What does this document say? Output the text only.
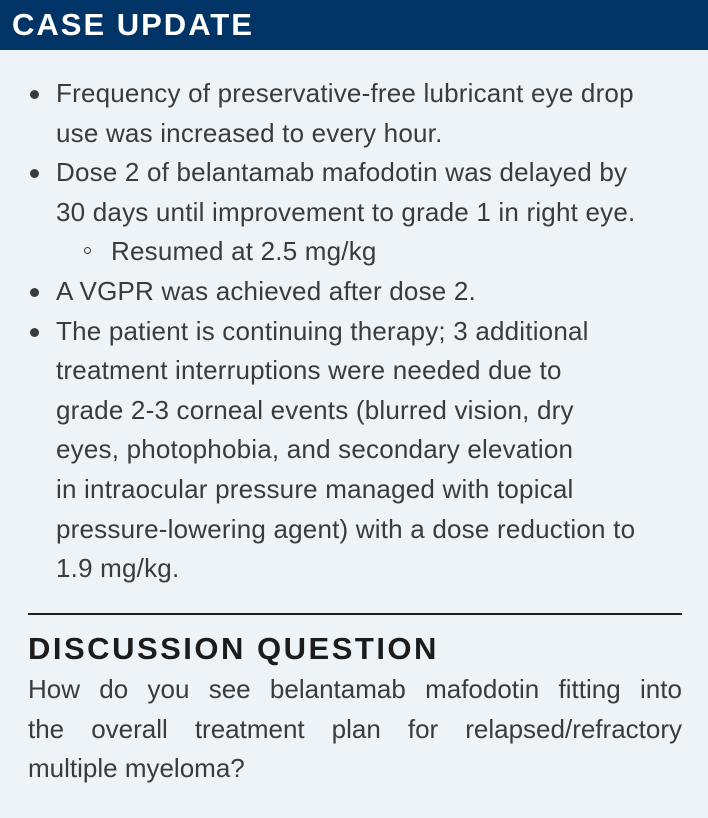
CASE UPDATE
Frequency of preservative-free lubricant eye drop
use was increased to every hour.
Dose 2 of belantamab mafodotin was delayed by
30 days until improvement to grade 1 in right eye.
Resumed at 2.5 mg/kg
A VGPR was achieved after dose 2.
The patient is continuing therapy; 3 additional
treatment interruptions were needed due to
grade 2-3 corneal events (blurred vision, dry
eyes, photophobia, and secondary elevation
in intraocular pressure managed with topical
pressure-lowering agent) with a dose reduction to
1.9 mg/kg.
DISCUSSION QUESTION
How do you see belantamab mafodotin fitting into
the overall treatment plan for relapsed/refractory
multiple myeloma?
